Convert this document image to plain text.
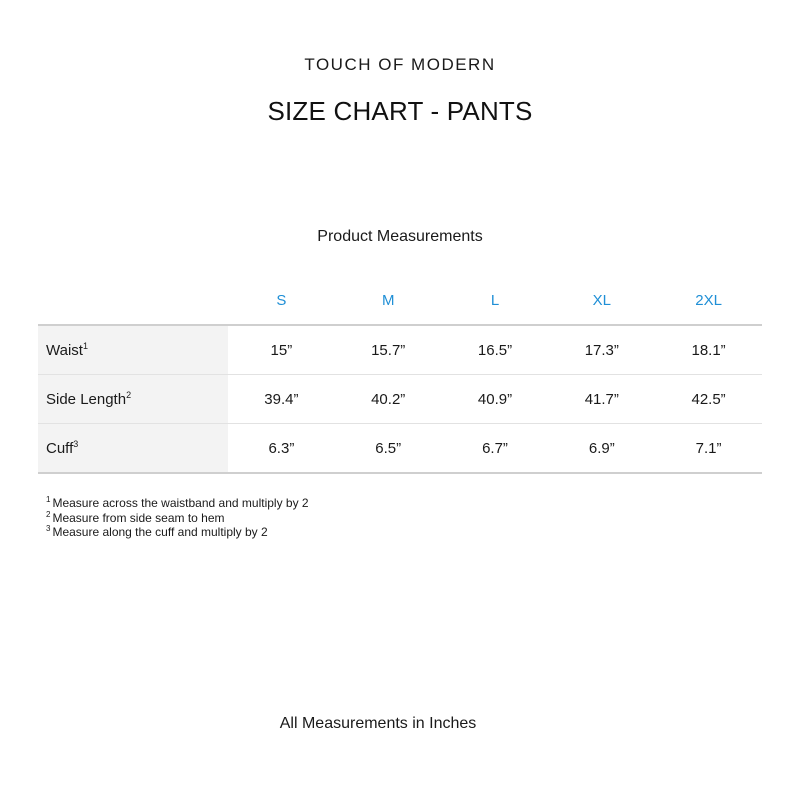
TOUCH OF MODERN
SIZE CHART - PANTS
Product Measurements
	S	M	L	XL	2XL
Waist$^1$	15”	15.7”	16.5”	17.3”	18.1”
Side Length$^2$	39.4”	40.2”	40.9”	41.7”	42.5”
Cuff$^3$	6.3”	6.5”	6.7”	6.9”	7.1”
$^1$ Measure across the waistband and multiply by 2
$^2$ Measure from side seam to hem
$^3$ Measure along the cuff and multiply by 2
All Measurements in Inches
